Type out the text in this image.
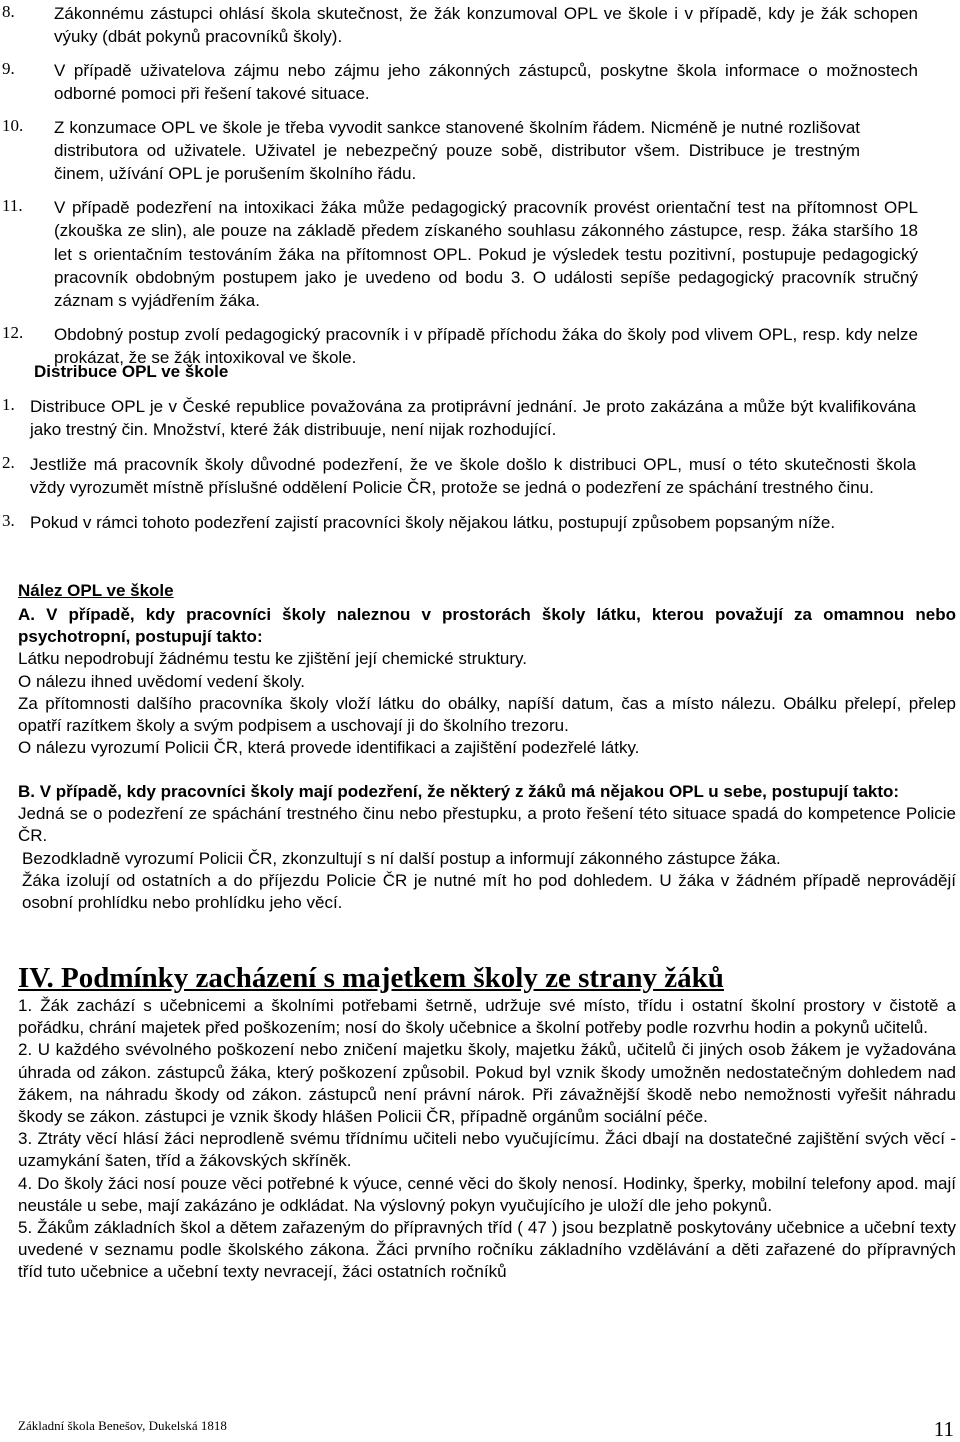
8. Zákonnému zástupci ohlásí škola skutečnost, že žák konzumoval OPL ve škole i v případě, kdy je žák schopen výuky (dbát pokynů pracovníků školy).
9. V případě uživatelova zájmu nebo zájmu jeho zákonných zástupců, poskytne škola informace o možnostech odborné pomoci při řešení takové situace.
10. Z konzumace OPL ve škole je třeba vyvodit sankce stanovené školním řádem. Nicméně je nutné rozlišovat distributora od uživatele. Uživatel je nebezpečný pouze sobě, distributor všem. Distribuce je trestným činem, užívání OPL je porušením školního řádu.
11. V případě podezření na intoxikaci žáka může pedagogický pracovník provést orientační test na přítomnost OPL (zkouška ze slin), ale pouze na základě předem získaného souhlasu zákonného zástupce, resp. žáka staršího 18 let s orientačním testováním žáka na přítomnost OPL. Pokud je výsledek testu pozitivní, postupuje pedagogický pracovník obdobným postupem jako je uvedeno od bodu 3. O události sepíše pedagogický pracovník stručný záznam s vyjádřením žáka.
12. Obdobný postup zvolí pedagogický pracovník i v případě příchodu žáka do školy pod vlivem OPL, resp. kdy nelze prokázat, že se žák intoxikoval ve škole.
Distribuce OPL ve škole
1. Distribuce OPL je v České republice považována za protiprávní jednání. Je proto zakázána a může být kvalifikována jako trestný čin. Množství, které žák distribuuje, není nijak rozhodující.
2. Jestliže má pracovník školy důvodné podezření, že ve škole došlo k distribuci OPL, musí o této skutečnosti škola vždy vyrozumět místně příslušné oddělení Policie ČR, protože se jedná o podezření ze spáchání trestného činu.
3. Pokud v rámci tohoto podezření zajistí pracovníci školy nějakou látku, postupují způsobem popsaným níže.
Nález OPL ve škole
A. V případě, kdy pracovníci školy naleznou v prostorách školy látku, kterou považují za omamnou nebo psychotropní, postupují takto:
Látku nepodrobují žádnému testu ke zjištění její chemické struktury.
O nálezu ihned uvědomí vedení školy.
Za přítomnosti dalšího pracovníka školy vloží látku do obálky, napíší datum, čas a místo nálezu. Obálku přelepí, přelep opatří razítkem školy a svým podpisem a uschovají ji do školního trezoru.
O nálezu vyrozumí Policii ČR, která provede identifikaci a zajištění podezřelé látky.
B. V případě, kdy pracovníci školy mají podezření, že některý z žáků má nějakou OPL u sebe, postupují takto:
Jedná se o podezření ze spáchání trestného činu nebo přestupku, a proto řešení této situace spadá do kompetence Policie ČR.
Bezodkladně vyrozumí Policii ČR, zkonzultují s ní další postup a informují zákonného zástupce žáka.
Žáka izolují od ostatních a do příjezdu Policie ČR je nutné mít ho pod dohledem. U žáka v žádném případě neprovádějí osobní prohlídku nebo prohlídku jeho věcí.
IV. Podmínky zacházení s majetkem školy ze strany žáků
1. Žák zachází s učebnicemi a školními potřebami šetrně, udržuje své místo, třídu i ostatní školní prostory v čistotě a pořádku, chrání majetek před poškozením; nosí do školy učebnice a školní potřeby podle rozvrhu hodin a pokynů učitelů.
2. U každého svévolného poškození nebo zničení majetku školy, majetku žáků, učitelů či jiných osob žákem je vyžadována úhrada od zákon. zástupců žáka, který poškození způsobil. Pokud byl vznik škody umožněn nedostatečným dohledem nad žákem, na náhradu škody od zákon. zástupců není právní nárok. Při závažnější škodě nebo nemožnosti vyřešit náhradu škody se zákon. zástupci je vznik škody hlášen Policii ČR, případně orgánům sociální péče.
3. Ztráty věcí hlásí žáci neprodleně svému třídnímu učiteli nebo vyučujícímu. Žáci dbají na dostatečné zajištění svých věcí - uzamykání šaten, tříd a žákovských skříněk.
4. Do školy žáci nosí pouze věci potřebné k výuce, cenné věci do školy nenosí. Hodinky, šperky, mobilní telefony apod. mají neustále u sebe, mají zakázáno je odkládat. Na výslovný pokyn vyučujícího je uloží dle jeho pokynů.
5. Žákům základních škol a dětem zařazeným do přípravných tříd ( 47 ) jsou bezplatně poskytovány učebnice a učební texty uvedené v seznamu podle školského zákona. Žáci prvního ročníku základního vzdělávání a děti zařazené do přípravných tříd tuto učebnice a učební texty nevracejí, žáci ostatních ročníků
Základní škola Benešov, Dukelská 1818	11
